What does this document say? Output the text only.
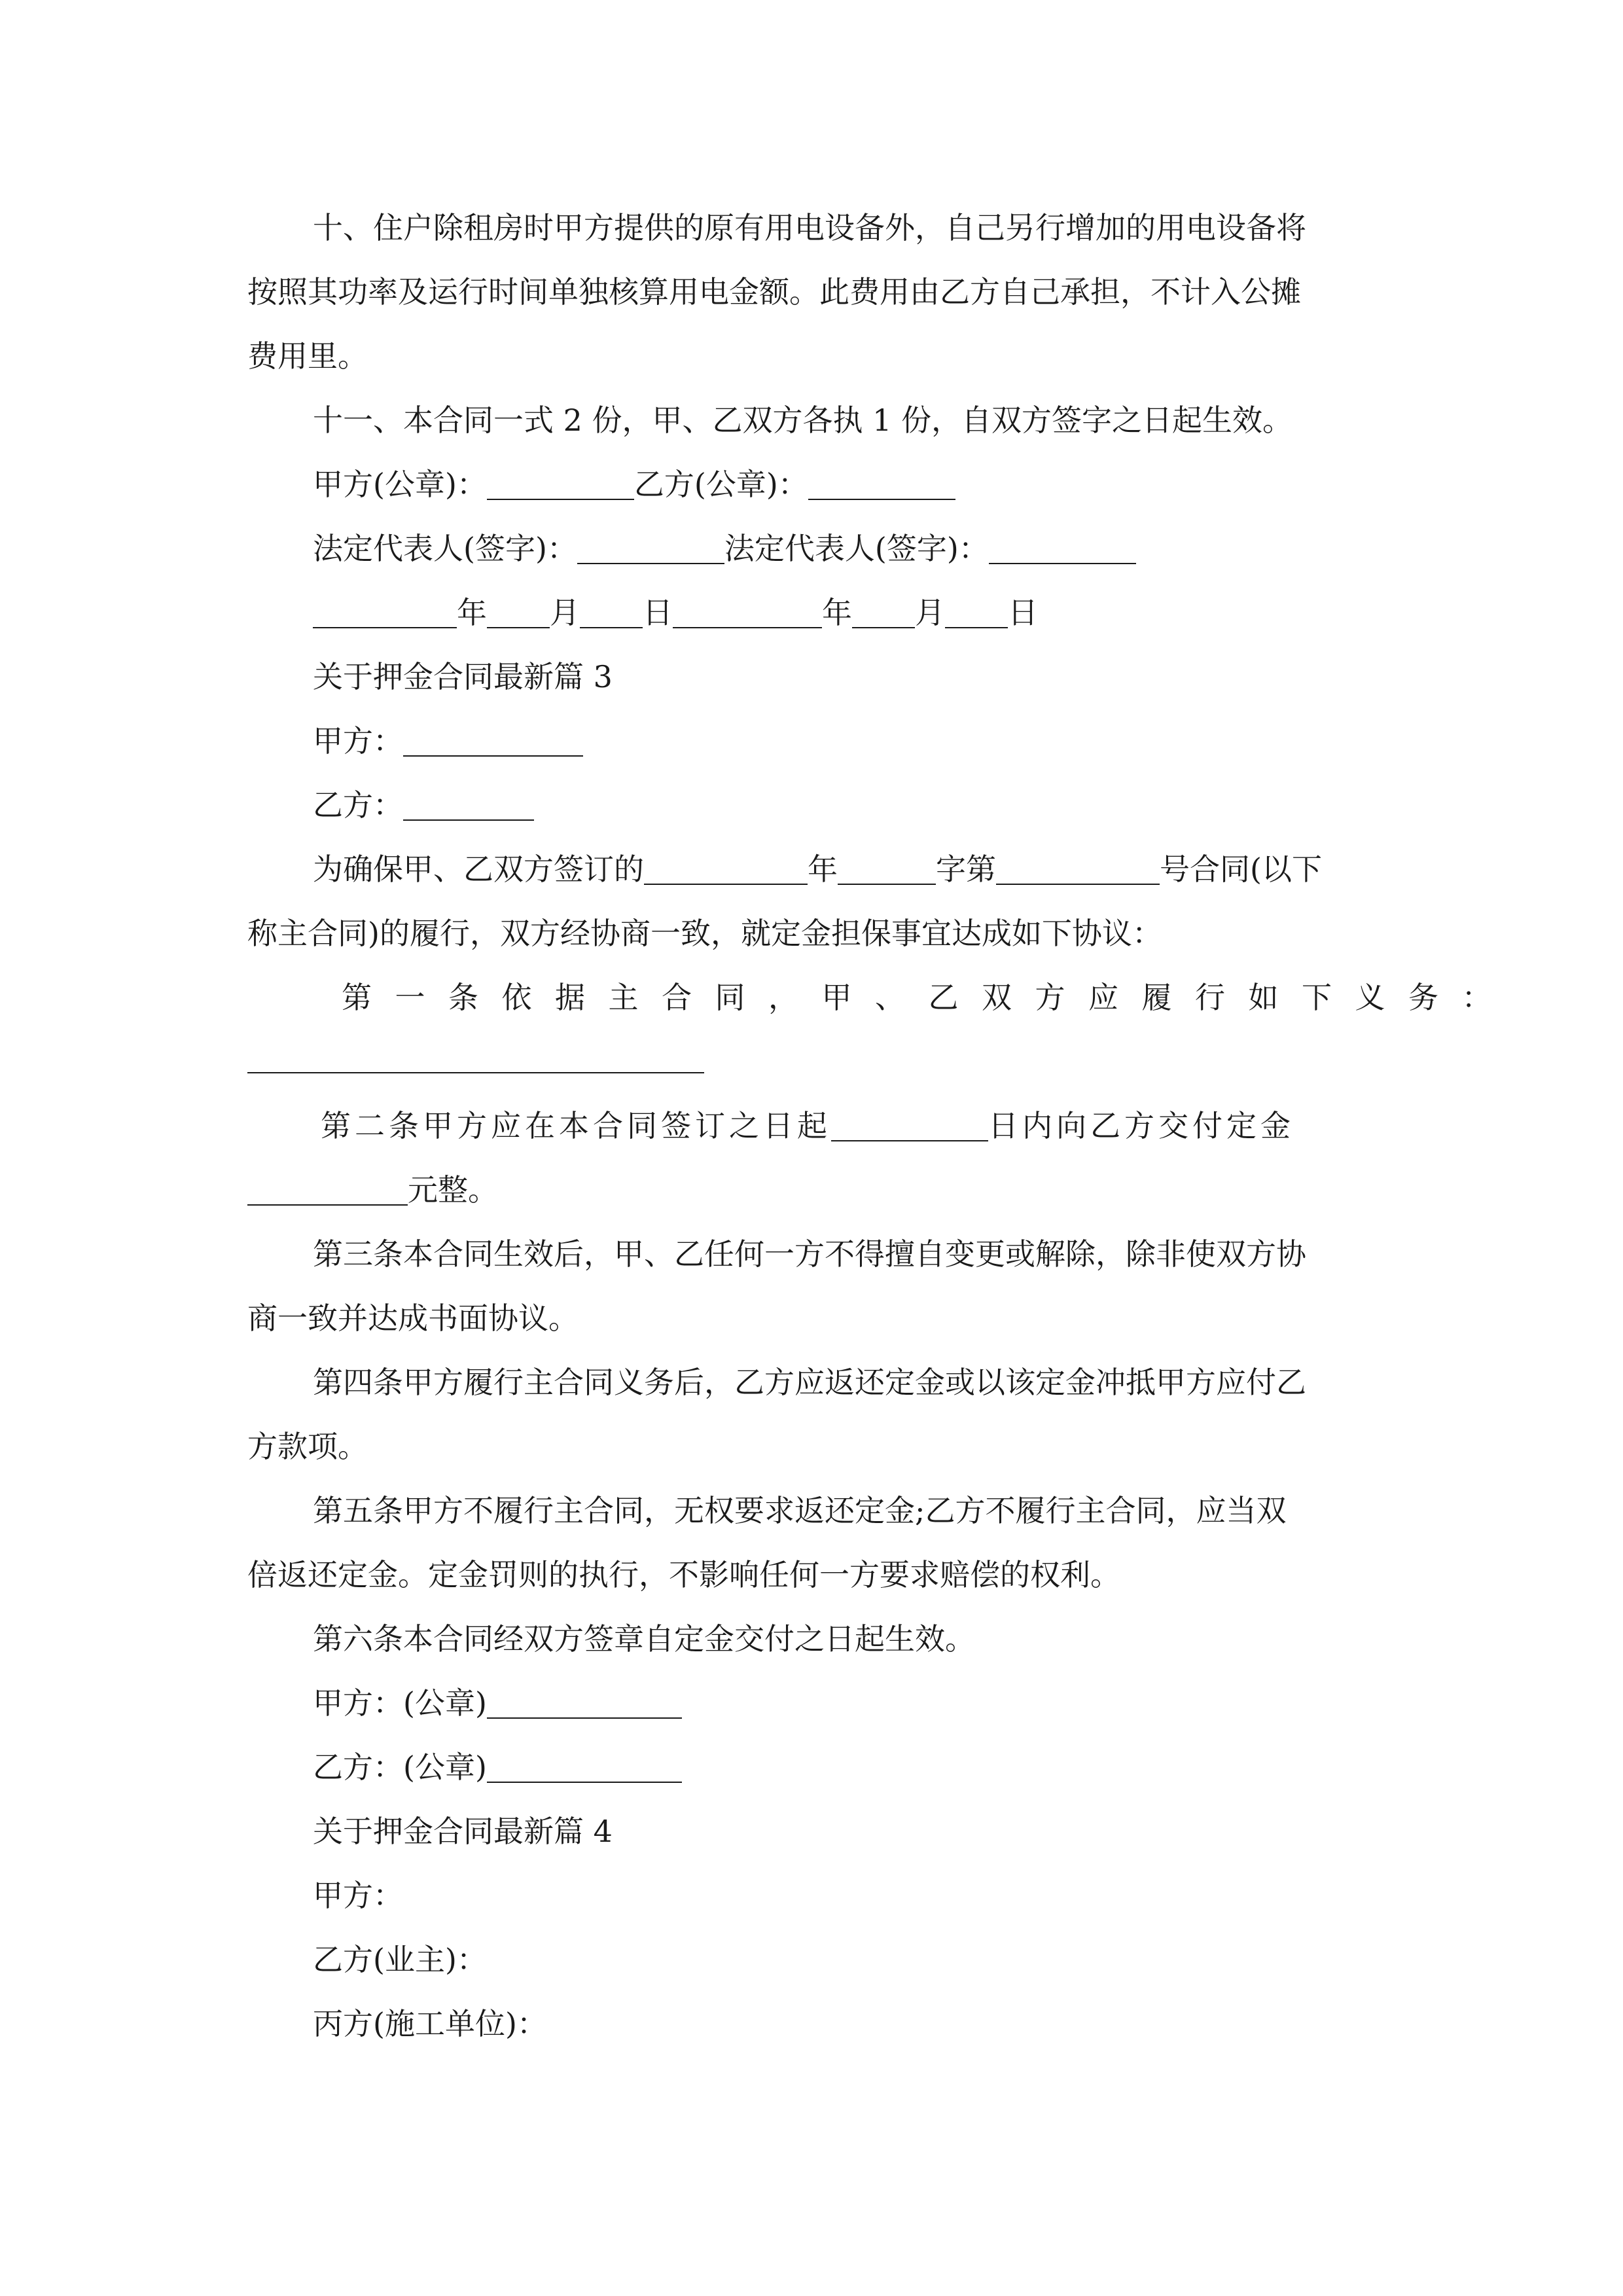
十、住户除租房时甲方提供的原有用电设备外，自己另行增加的用电设备将
按照其功率及运行时间单独核算用电金额。此费用由乙方自己承担，不计入公摊
费用里。
十一、本合同一式 2 份，甲、乙双方各执 1 份，自双方签字之日起生效。
甲方(公章)：	乙方(公章)：
法定代表人(签字)：	法定代表人(签字)：
年 月 日	年 月 日
关于押金合同最新篇 3
甲方：
乙方：
为确保甲、乙双方签订的	年	字第	号合同(以下
称主合同)的履行，双方经协商一致，就定金担保事宜达成如下协议：
第一条依据主合同，甲、乙双方应履行如下义务：
第二条甲方应在本合同签订之日起	日内向乙方交付定金
元整。
第三条本合同生效后，甲、乙任何一方不得擅自变更或解除，除非使双方协
商一致并达成书面协议。
第四条甲方履行主合同义务后，乙方应返还定金或以该定金冲抵甲方应付乙
方款项。
第五条甲方不履行主合同，无权要求返还定金;乙方不履行主合同，应当双
倍返还定金。定金罚则的执行，不影响任何一方要求赔偿的权利。
第六条本合同经双方签章自定金交付之日起生效。
甲方：(公章)
乙方：(公章)
关于押金合同最新篇 4
甲方：
乙方(业主)：
丙方(施工单位)：
